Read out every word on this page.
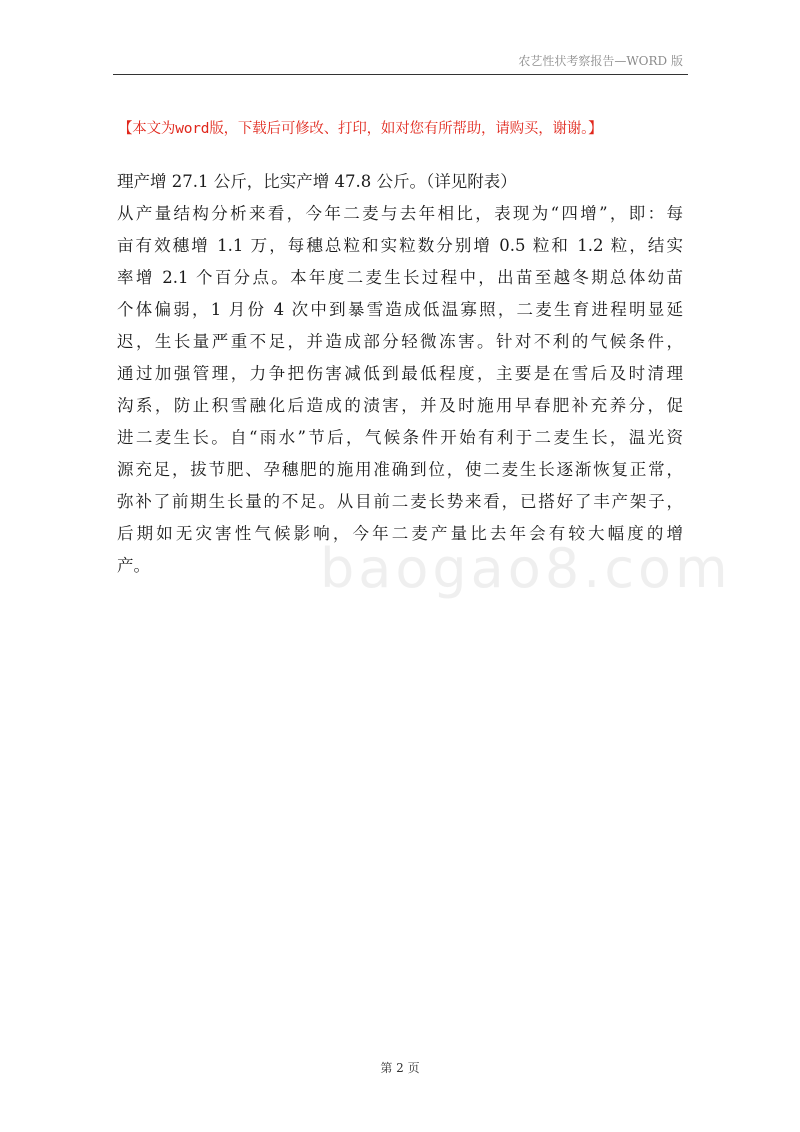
农艺性状考察报告—WORD 版
【本文为word版，下载后可修改、打印，如对您有所帮助，请购买，谢谢。】
理产增 27.1 公斤，比实产增 47.8 公斤。（详见附表）
从产量结构分析来看，今年二麦与去年相比，表现为“四增”，即：每
亩有效穗增 1.1 万，每穗总粒和实粒数分别增 0.5 粒和 1.2 粒，结实
率增 2.1 个百分点。本年度二麦生长过程中，出苗至越冬期总体幼苗
个体偏弱，1 月份 4 次中到暴雪造成低温寡照，二麦生育进程明显延
迟，生长量严重不足，并造成部分轻微冻害。针对不利的气候条件，
通过加强管理，力争把伤害减低到最低程度，主要是在雪后及时清理
沟系，防止积雪融化后造成的渍害，并及时施用早春肥补充养分，促
进二麦生长。自“雨水”节后，气候条件开始有利于二麦生长，温光资
源充足，拔节肥、孕穗肥的施用准确到位，使二麦生长逐渐恢复正常，
弥补了前期生长量的不足。从目前二麦长势来看，已搭好了丰产架子，
后期如无灾害性气候影响，今年二麦产量比去年会有较大幅度的增
产。	baogao8.com
第 2 页
